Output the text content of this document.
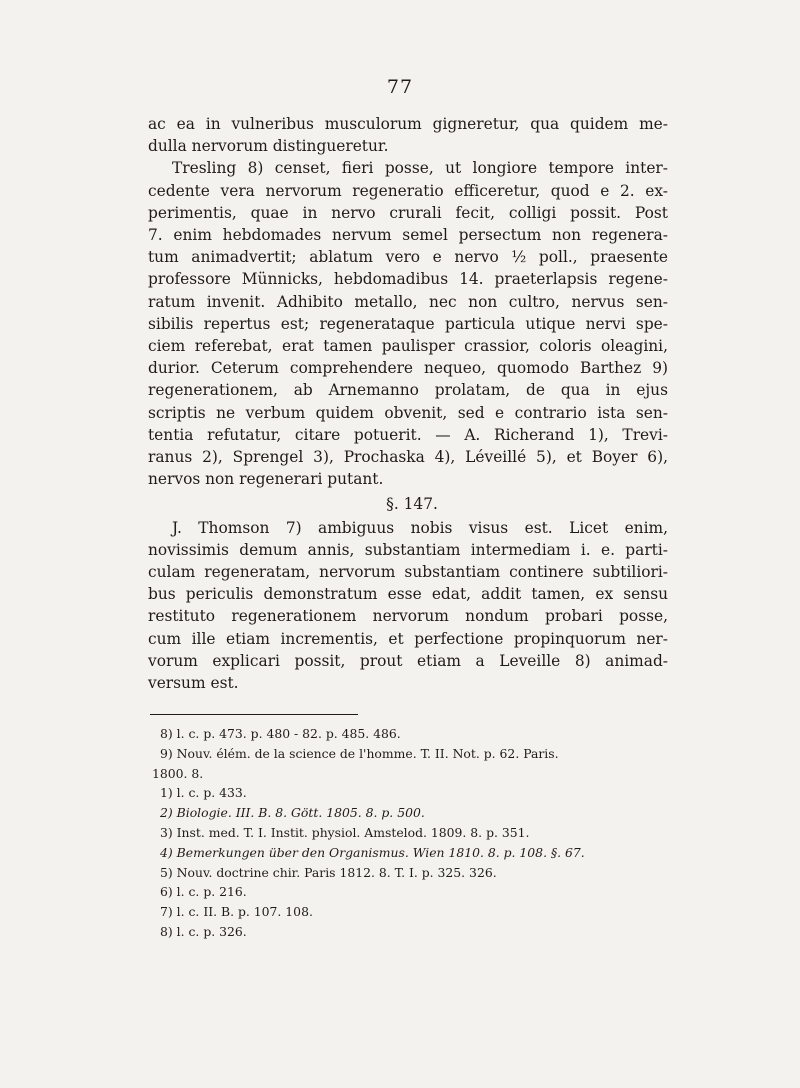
77
ac ea in vulneribus musculorum gigneretur, qua quidem me-
dulla nervorum distingueretur.
Tresling 8) censet, fieri posse, ut longiore tempore inter-
cedente vera nervorum regeneratio efficeretur, quod e 2. ex-
perimentis, quae in nervo crurali fecit, colligi possit. Post
7. enim hebdomades nervum semel persectum non regenera-
tum animadvertit; ablatum vero e nervo ½ poll., praesente
professore Münnicks, hebdomadibus 14. praeterlapsis regene-
ratum invenit. Adhibito metallo, nec non cultro, nervus sen-
sibilis repertus est; regenerataque particula utique nervi spe-
ciem referebat, erat tamen paulisper crassior, coloris oleagini,
durior. Ceterum comprehendere nequeo, quomodo Barthez 9)
regenerationem, ab Arnemanno prolatam, de qua in ejus
scriptis ne verbum quidem obvenit, sed e contrario ista sen-
tentia refutatur, citare potuerit. — A. Richerand 1), Trevi-
ranus 2), Sprengel 3), Prochaska 4), Léveillé 5), et Boyer 6),
nervos non regenerari putant.
§. 147.
J. Thomson 7) ambiguus nobis visus est. Licet enim,
novissimis demum annis, substantiam intermediam i. e. parti-
culam regeneratam, nervorum substantiam continere subtiliori-
bus periculis demonstratum esse edat, addit tamen, ex sensu
restituto regenerationem nervorum nondum probari posse,
cum ille etiam incrementis, et perfectione propinquorum ner-
vorum explicari possit, prout etiam a Leveille 8) animad-
versum est.
8) l. c. p. 473. p. 480 - 82. p. 485. 486.
9) Nouv. élém. de la science de l'homme. T. II. Not. p. 62. Paris.
1800. 8.
1) l. c. p. 433.
2) Biologie. III. B. 8. Gött. 1805. 8. p. 500.
3) Inst. med. T. I. Instit. physiol. Amstelod. 1809. 8. p. 351.
4) Bemerkungen über den Organismus. Wien 1810. 8. p. 108. §. 67.
5) Nouv. doctrine chir. Paris 1812. 8. T. I. p. 325. 326.
6) l. c. p. 216.
7) l. c. II. B. p. 107. 108.
8) l. c. p. 326.
